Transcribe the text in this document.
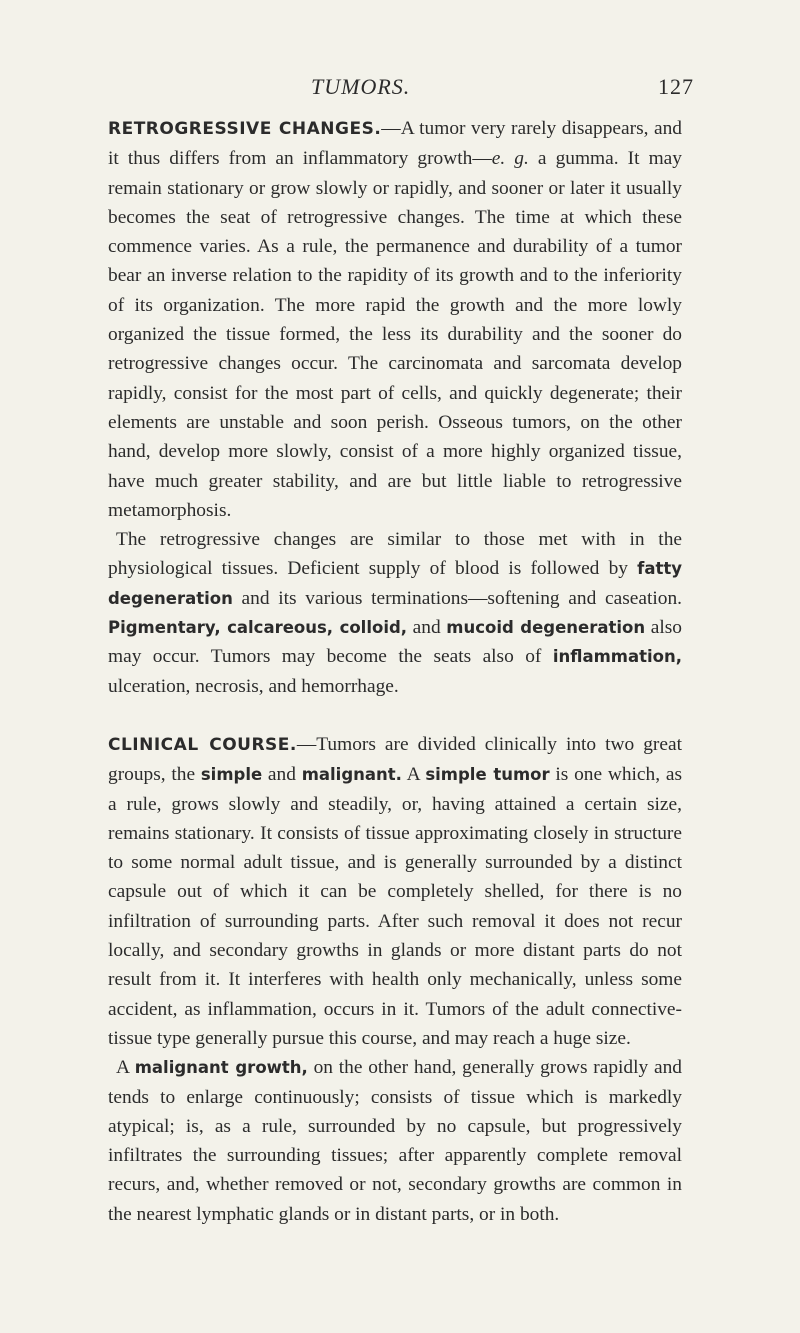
TUMORS.	127

RETROGRESSIVE CHANGES.—A tumor very rarely disappears, and it thus differs from an inflammatory growth—e. g. a gumma. It may remain stationary or grow slowly or rapidly, and sooner or later it usually becomes the seat of retrogressive changes. The time at which these commence varies. As a rule, the permanence and durability of a tumor bear an inverse relation to the rapidity of its growth and to the inferiority of its organization. The more rapid the growth and the more lowly organized the tissue formed, the less its durability and the sooner do retrogressive changes occur. The carcinomata and sarcomata develop rapidly, consist for the most part of cells, and quickly degenerate; their elements are unstable and soon perish. Osseous tumors, on the other hand, develop more slowly, consist of a more highly organized tissue, have much greater stability, and are but little liable to retrogressive metamorphosis.

The retrogressive changes are similar to those met with in the physiological tissues. Deficient supply of blood is followed by fatty degeneration and its various terminations—softening and caseation. Pigmentary, calcareous, colloid, and mucoid degeneration also may occur. Tumors may become the seats also of inflammation, ulceration, necrosis, and hemorrhage.

CLINICAL COURSE.—Tumors are divided clinically into two great groups, the simple and malignant. A simple tumor is one which, as a rule, grows slowly and steadily, or, having attained a certain size, remains stationary. It consists of tissue approximating closely in structure to some normal adult tissue, and is generally surrounded by a distinct capsule out of which it can be completely shelled, for there is no infiltration of surrounding parts. After such removal it does not recur locally, and secondary growths in glands or more distant parts do not result from it. It interferes with health only mechanically, unless some accident, as inflammation, occurs in it. Tumors of the adult connective-tissue type generally pursue this course, and may reach a huge size.

A malignant growth, on the other hand, generally grows rapidly and tends to enlarge continuously; consists of tissue which is markedly atypical; is, as a rule, surrounded by no capsule, but progressively infiltrates the surrounding tissues; after apparently complete removal recurs, and, whether removed or not, secondary growths are common in the nearest lymphatic glands or in distant parts, or in both.
